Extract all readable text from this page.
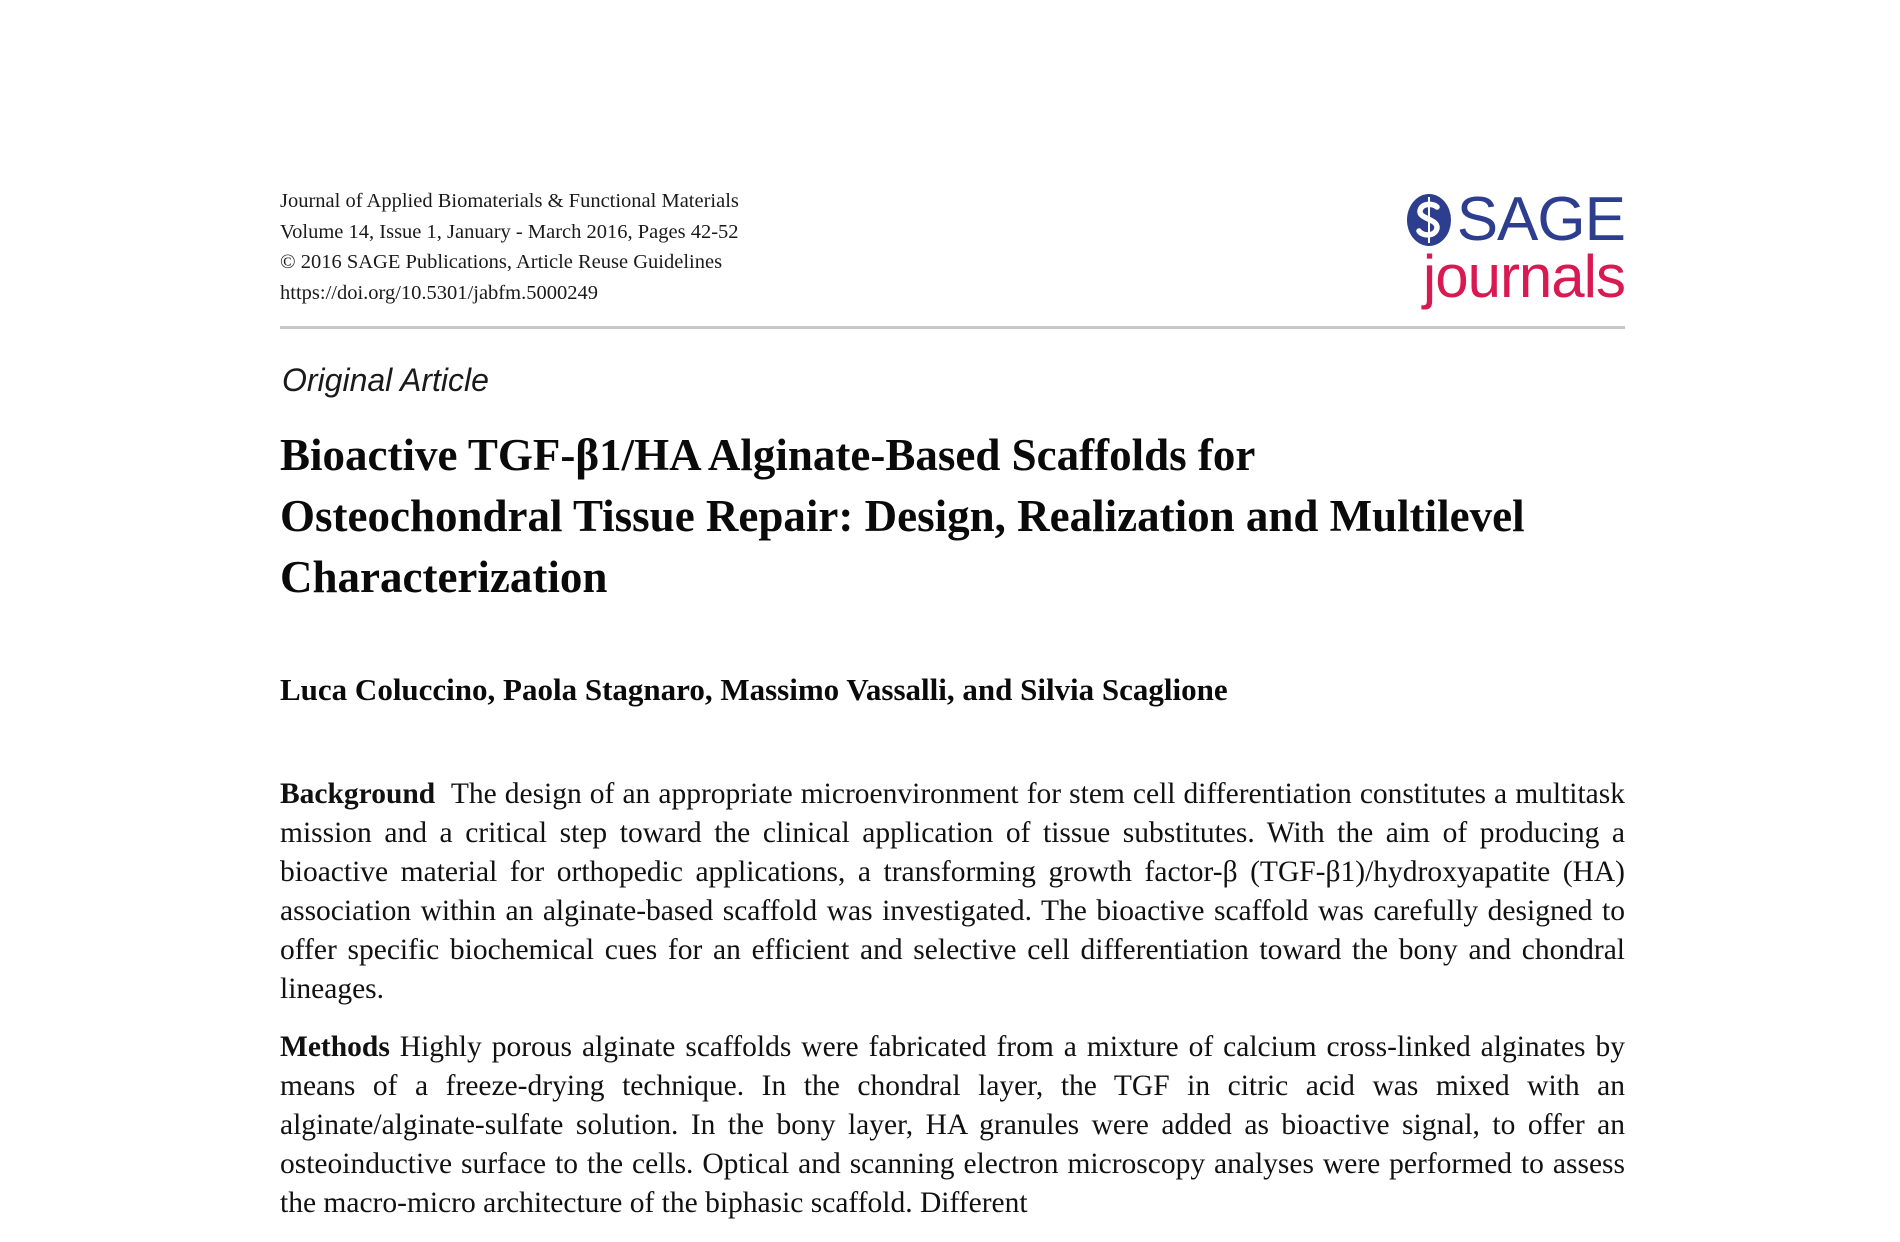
Journal of Applied Biomaterials & Functional Materials
Volume 14, Issue 1, January - March 2016, Pages 42-52
© 2016 SAGE Publications, Article Reuse Guidelines
https://doi.org/10.5301/jabfm.5000249
SAGE
journals
Original Article
Bioactive TGF-β1/HA Alginate-Based Scaffolds for
Osteochondral Tissue Repair: Design, Realization and Multilevel
Characterization
Luca Coluccino, Paola Stagnaro, Massimo Vassalli, and Silvia Scaglione

Background The design of an appropriate microenvironment for stem cell differentiation constitutes a multitask mission and a critical step toward the clinical application of tissue substitutes. With the aim of producing a bioactive material for orthopedic applications, a transforming growth factor-β (TGF-β1)/hydroxyapatite (HA) association within an alginate-based scaffold was investigated. The bioactive scaffold was carefully designed to offer specific biochemical cues for an efficient and selective cell differentiation toward the bony and chondral lineages.

Methods Highly porous alginate scaffolds were fabricated from a mixture of calcium cross-linked alginates by means of a freeze-drying technique. In the chondral layer, the TGF in citric acid was mixed with an alginate/alginate-sulfate solution. In the bony layer, HA granules were added as bioactive signal, to offer an osteoinductive surface to the cells. Optical and scanning electron microscopy analyses were performed to assess the macro-micro architecture of the biphasic scaffold. Different
